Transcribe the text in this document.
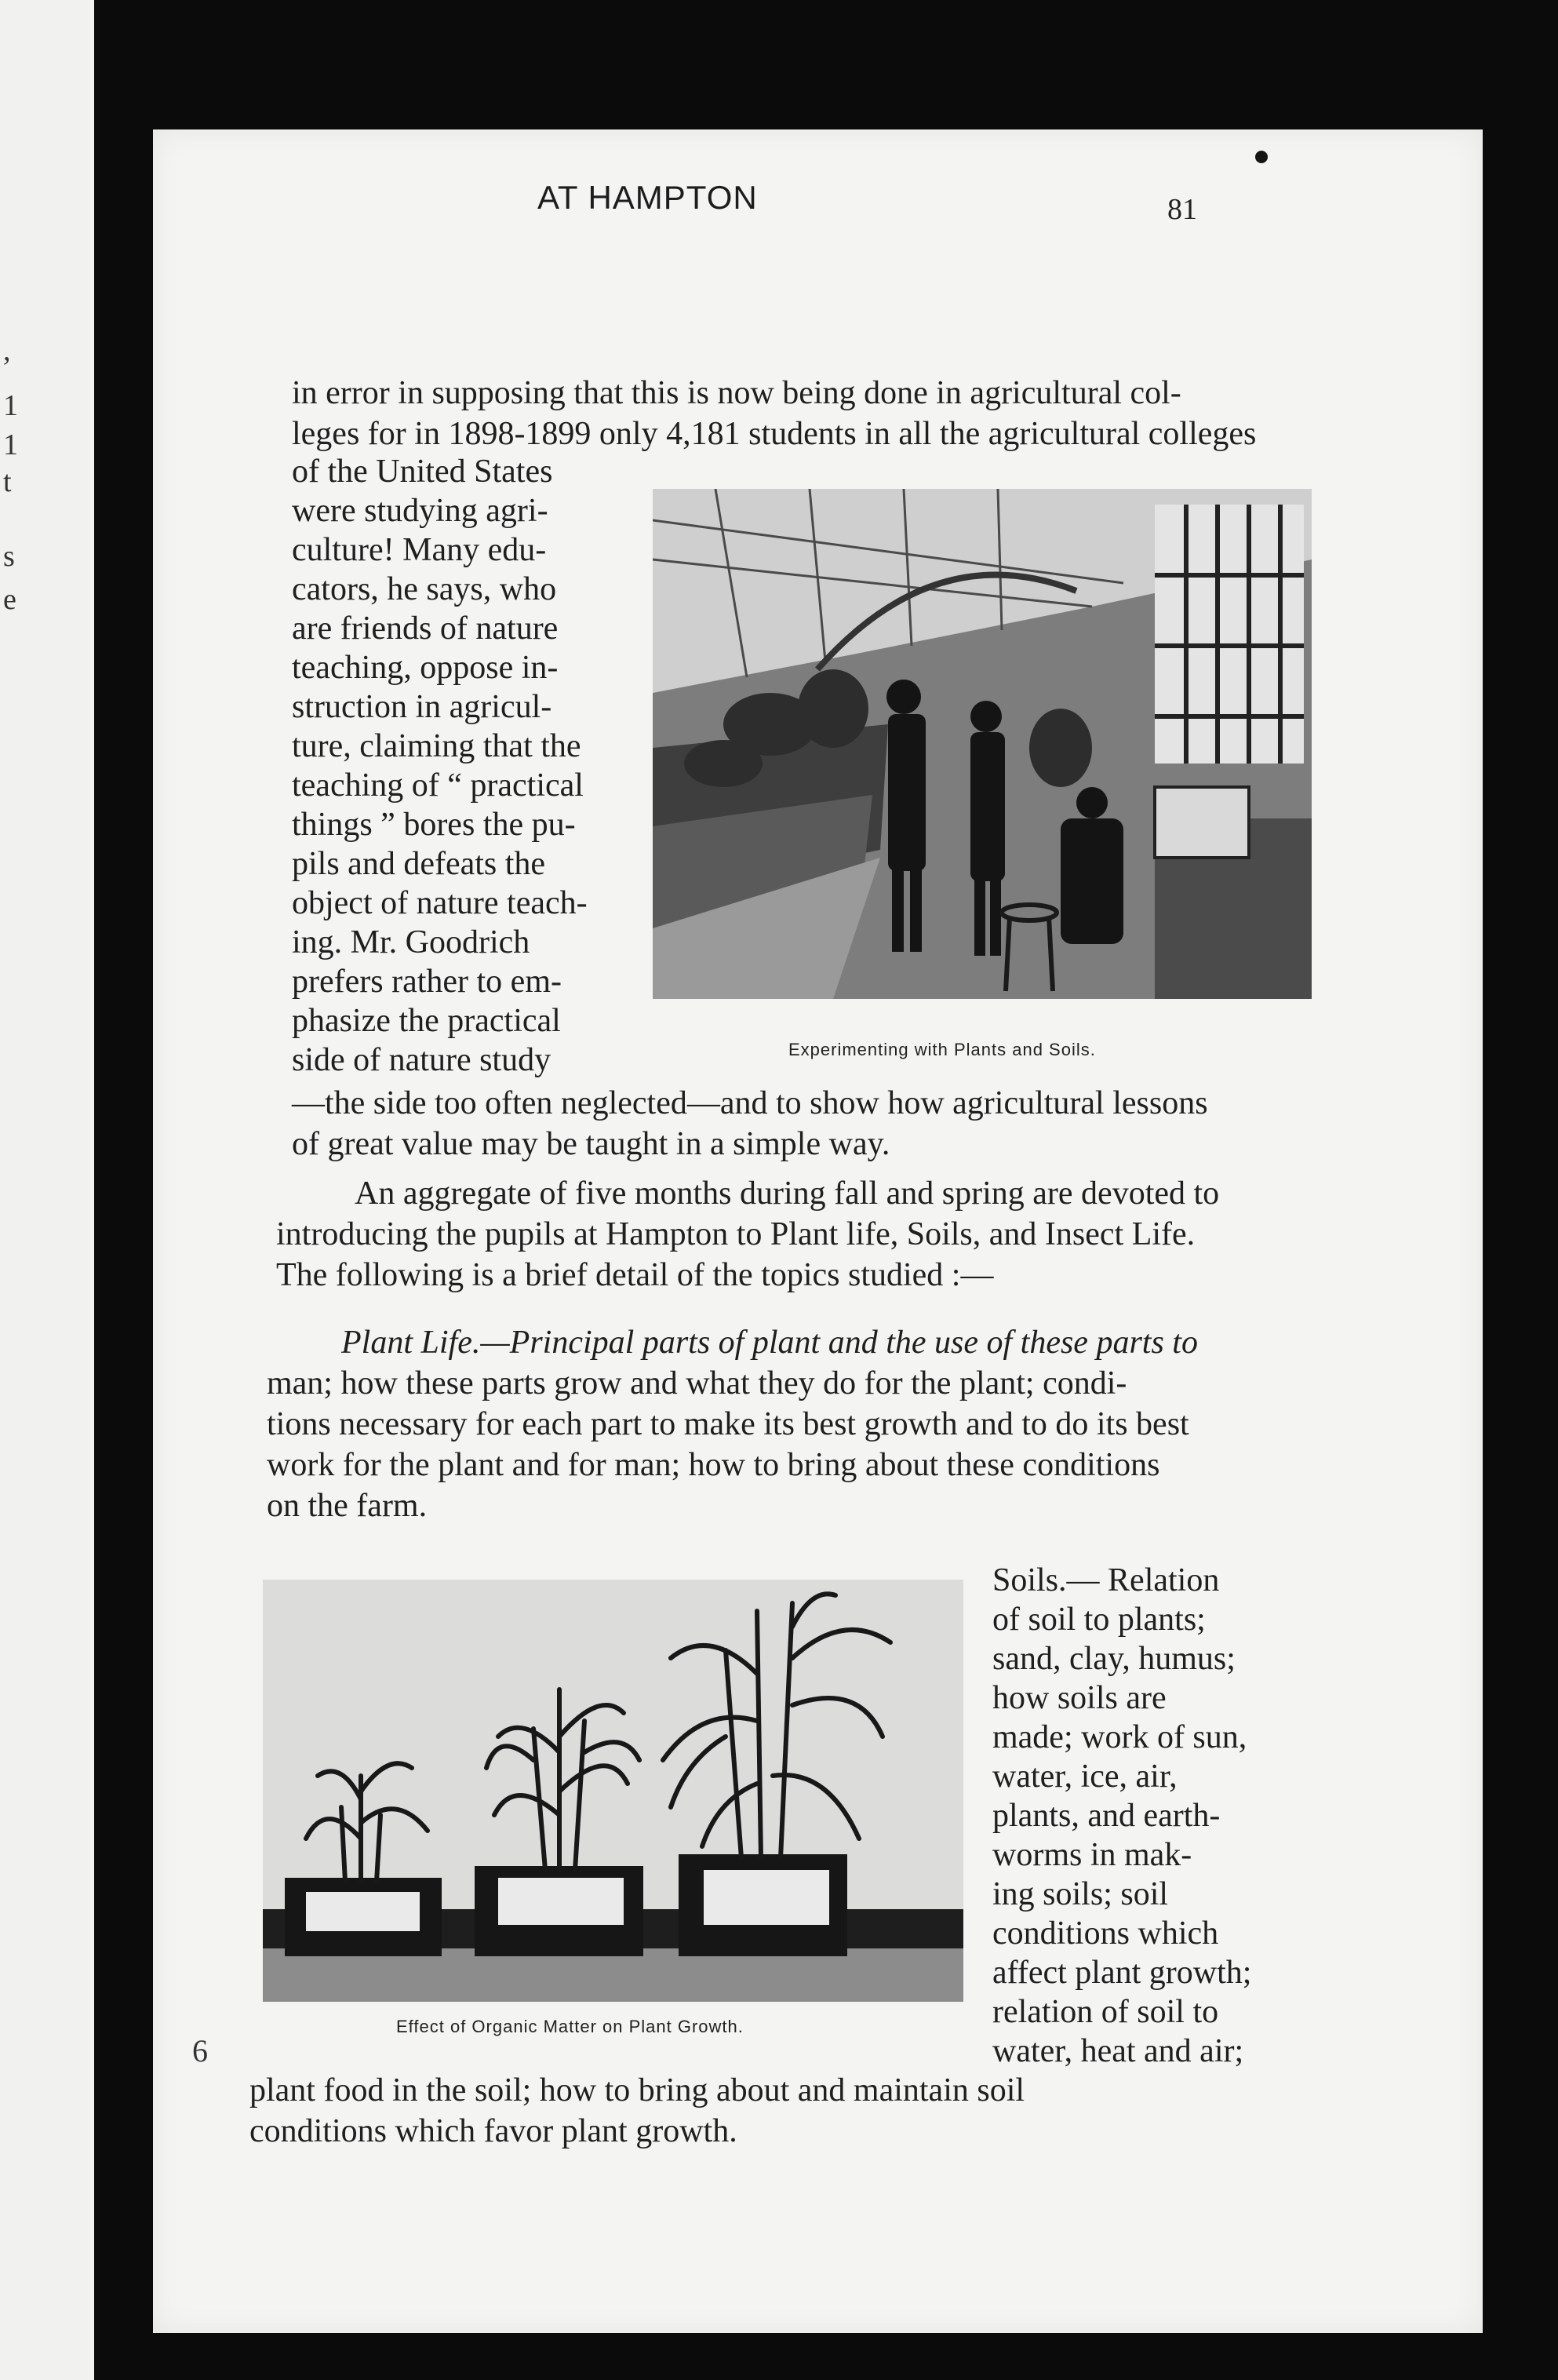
,
1
1
t
s
e
AT HAMPTON	81
in error in supposing that this is now being done in agricultural col-
leges for in 1898-1899 only 4,181 students in all the agricultural colleges
of the United States
were studying agri-
culture! Many edu-
cators, he says, who
are friends of nature
teaching, oppose in-
struction in agricul-
ture, claiming that the
teaching of “ practical
things ” bores the pu-
pils and defeats the
object of nature teach-
ing. Mr. Goodrich
prefers rather to em-
phasize the practical
side of nature study
—the side too often neglected—and to show how agricultural lessons
of great value may be taught in a simple way.
An aggregate of five months during fall and spring are devoted to
introducing the pupils at Hampton to Plant life, Soils, and Insect Life.
The following is a brief detail of the topics studied :—
Plant Life.—Principal parts of plant and the use of these parts to
man; how these parts grow and what they do for the plant; condi-
tions necessary for each part to make its best growth and to do its best
work for the plant and for man; how to bring about these conditions
on the farm.
Soils.— Relation
of soil to plants;
sand, clay, humus;
how soils are
made; work of sun,
water, ice, air,
plants, and earth-
worms in mak-
ing soils; soil
conditions which
affect plant growth;
relation of soil to
water, heat and air;
plant food in the soil; how to bring about and maintain soil
conditions which favor plant growth.
Experimenting with Plants and Soils.
Effect of Organic Matter on Plant Growth.
6
